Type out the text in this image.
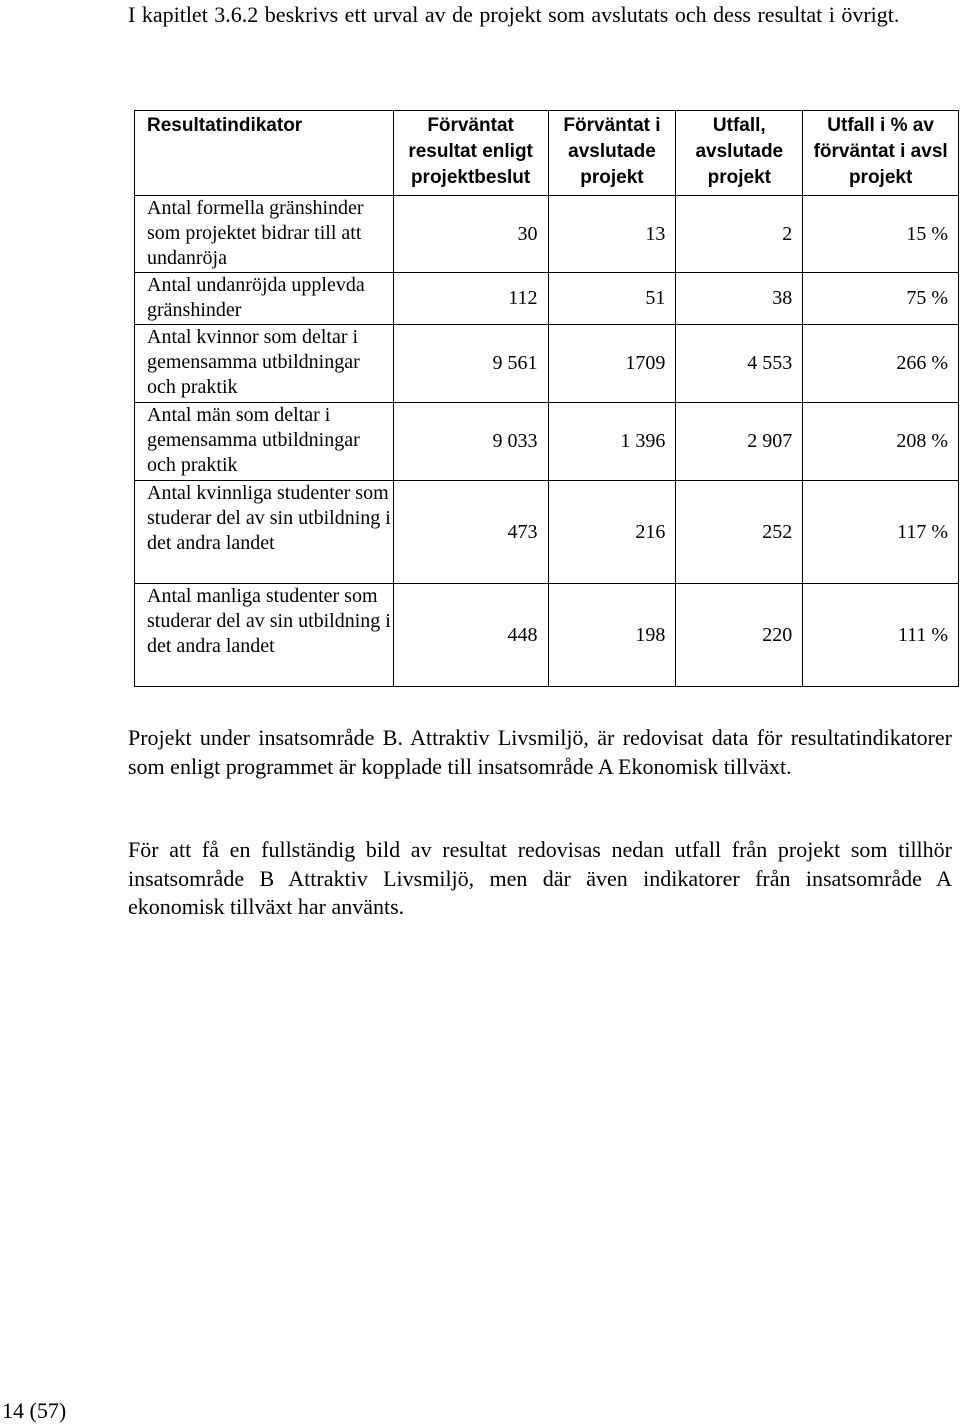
I kapitlet 3.6.2 beskrivs ett urval av de projekt som avslutats och dess resultat i övrigt.

Resultatindikator	Förväntat resultat enligt projektbeslut	Förväntat i avslutade projekt	Utfall, avslutade projekt	Utfall i % av förväntat i avsl projekt
Antal formella gränshinder som projektet bidrar till att undanröja	30	13	2	15 %
Antal undanröjda upplevda gränshinder	112	51	38	75 %
Antal kvinnor som deltar i gemensamma utbildningar och praktik	9 561	1709	4 553	266 %
Antal män som deltar i gemensamma utbildningar och praktik	9 033	1 396	2 907	208 %
Antal kvinnliga studenter som studerar del av sin utbildning i det andra landet	473	216	252	117 %
Antal manliga studenter som studerar del av sin utbildning i det andra landet	448	198	220	111 %

Projekt under insatsområde B. Attraktiv Livsmiljö, är redovisat data för resultatindikatorer som enligt programmet är kopplade till insatsområde A Ekonomisk tillväxt.

För att få en fullständig bild av resultat redovisas nedan utfall från projekt som tillhör insatsområde B Attraktiv Livsmiljö, men där även indikatorer från insatsområde A ekonomisk tillväxt har använts.

14 (57)
